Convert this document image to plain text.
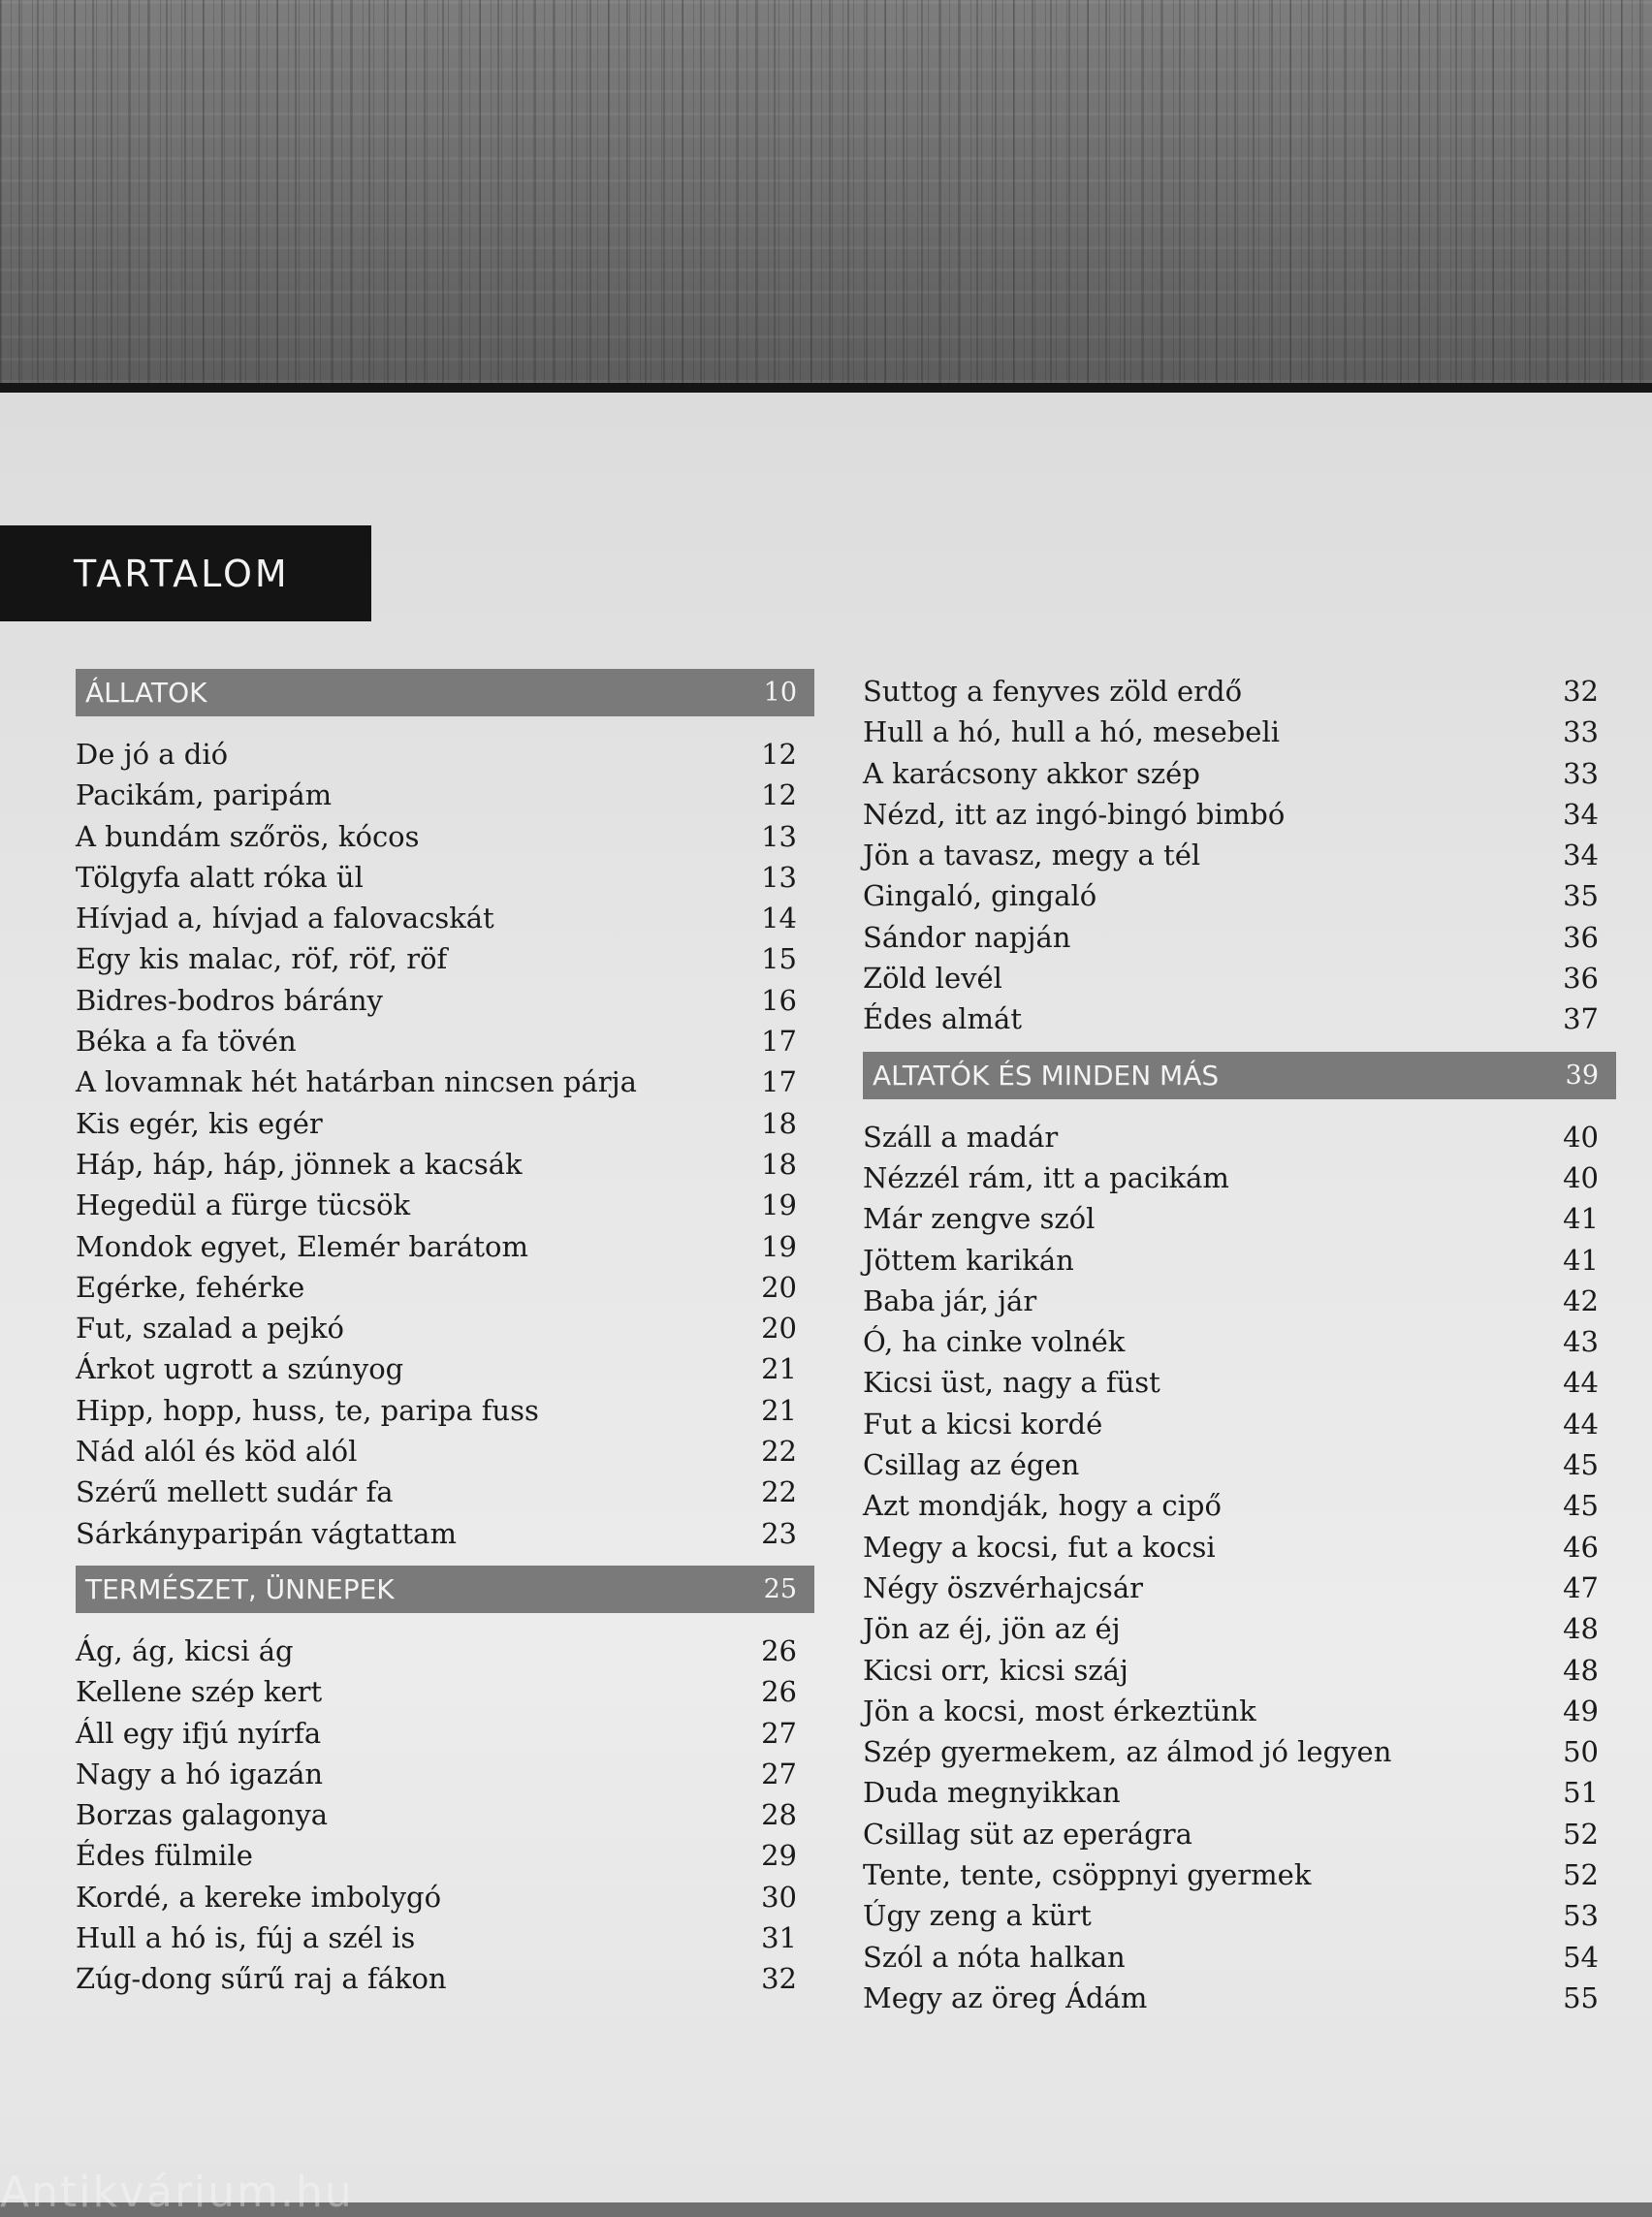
TARTALOM
ÁLLATOK	10
De jó a dió	12
Pacikám, paripám	12
A bundám szőrös, kócos	13
Tölgyfa alatt róka ül	13
Hívjad a, hívjad a falovacskát	14
Egy kis malac, röf, röf, röf	15
Bidres-bodros bárány	16
Béka a fa tövén	17
A lovamnak hét határban nincsen párja	17
Kis egér, kis egér	18
Háp, háp, háp, jönnek a kacsák	18
Hegedül a fürge tücsök	19
Mondok egyet, Elemér barátom	19
Egérke, fehérke	20
Fut, szalad a pejkó	20
Árkot ugrott a szúnyog	21
Hipp, hopp, huss, te, paripa fuss	21
Nád alól és köd alól	22
Szérű mellett sudár fa	22
Sárkányparipán vágtattam	23
TERMÉSZET, ÜNNEPEK	25
Ág, ág, kicsi ág	26
Kellene szép kert	26
Áll egy ifjú nyírfa	27
Nagy a hó igazán	27
Borzas galagonya	28
Édes fülmile	29
Kordé, a kereke imbolygó	30
Hull a hó is, fúj a szél is	31
Zúg-dong sűrű raj a fákon	32
Suttog a fenyves zöld erdő	32
Hull a hó, hull a hó, mesebeli	33
A karácsony akkor szép	33
Nézd, itt az ingó-bingó bimbó	34
Jön a tavasz, megy a tél	34
Gingaló, gingaló	35
Sándor napján	36
Zöld levél	36
Édes almát	37
ALTATÓK ÉS MINDEN MÁS	39
Száll a madár	40
Nézzél rám, itt a pacikám	40
Már zengve szól	41
Jöttem karikán	41
Baba jár, jár	42
Ó, ha cinke volnék	43
Kicsi üst, nagy a füst	44
Fut a kicsi kordé	44
Csillag az égen	45
Azt mondják, hogy a cipő	45
Megy a kocsi, fut a kocsi	46
Négy öszvérhajcsár	47
Jön az éj, jön az éj	48
Kicsi orr, kicsi száj	48
Jön a kocsi, most érkeztünk	49
Szép gyermekem, az álmod jó legyen	50
Duda megnyikkan	51
Csillag süt az eperágra	52
Tente, tente, csöppnyi gyermek	52
Úgy zeng a kürt	53
Szól a nóta halkan	54
Megy az öreg Ádám	55
Antikvárium.hu
